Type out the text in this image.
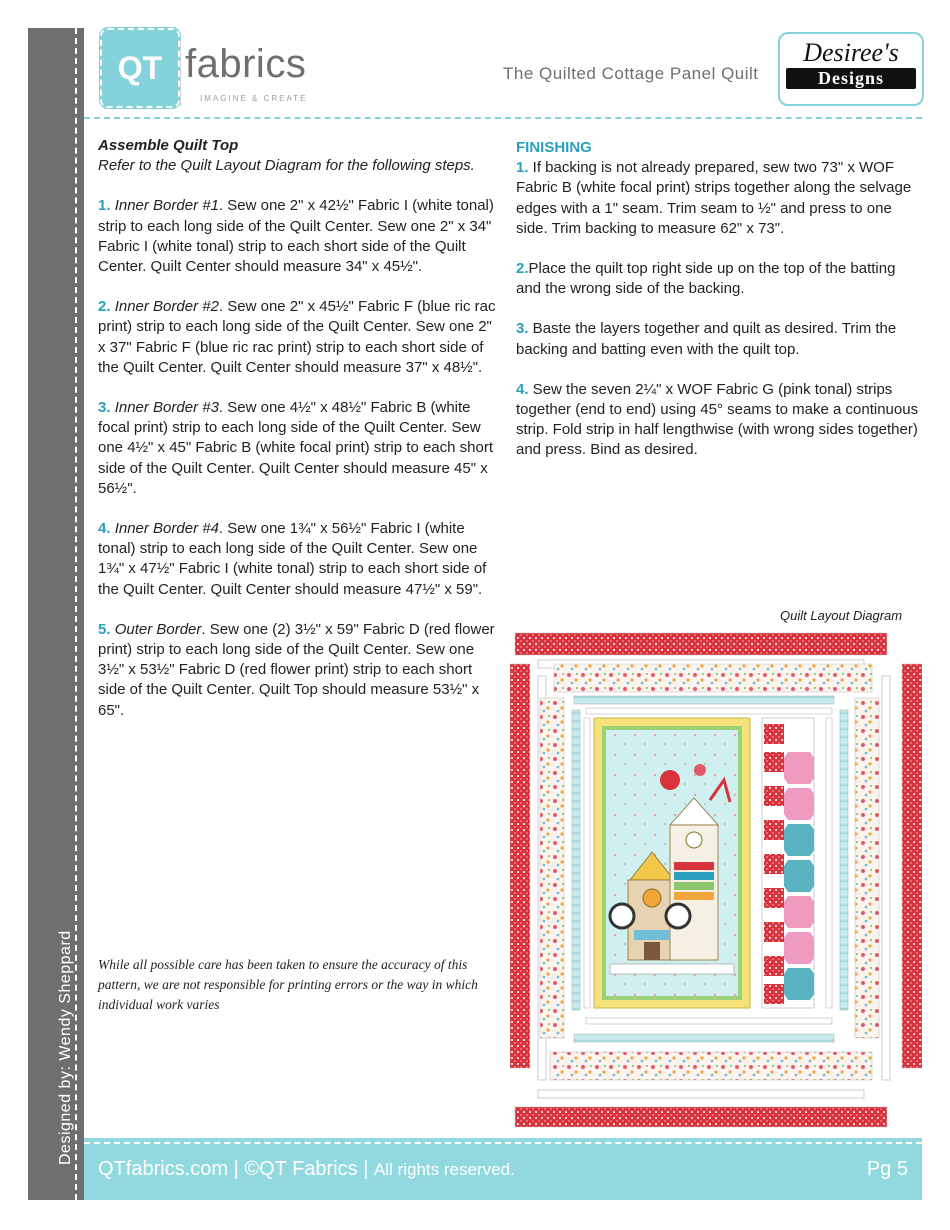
Designed by: Wendy Sheppard
QT fabrics
IMAGINE & CREATE
The Quilted Cottage Panel Quilt
Desiree's
Designs
Assemble Quilt Top
Refer to the Quilt Layout Diagram for the following steps.
1. Inner Border #1. Sew one 2" x 42½" Fabric I (white tonal) strip to each long side of the Quilt Center. Sew one 2" x 34" Fabric I (white tonal) strip to each short side of the Quilt Center. Quilt Center should measure 34" x 45½".
2. Inner Border #2. Sew one 2" x 45½" Fabric F (blue ric rac print) strip to each long side of the Quilt Center. Sew one 2" x 37" Fabric F (blue ric rac print) strip to each short side of the Quilt Center. Quilt Center should measure 37" x 48½".
3. Inner Border #3. Sew one 4½" x 48½" Fabric B (white focal print) strip to each long side of the Quilt Center. Sew one 4½" x 45" Fabric B (white focal print) strip to each short side of the Quilt Center. Quilt Center should measure 45" x 56½".
4. Inner Border #4. Sew one 1¾" x 56½" Fabric I (white tonal) strip to each long side of the Quilt Center. Sew one 1¾" x 47½" Fabric I (white tonal) strip to each short side of the Quilt Center. Quilt Center should measure 47½" x 59".
5. Outer Border. Sew one (2) 3½" x 59" Fabric D (red flower print) strip to each long side of the Quilt Center. Sew one 3½" x 53½" Fabric D (red flower print) strip to each short side of the Quilt Center. Quilt Top should measure 53½" x 65".
While all possible care has been taken to ensure the accuracy of this pattern, we are not responsible for printing errors or the way in which individual work varies
FINISHING
1. If backing is not already prepared, sew two 73" x WOF Fabric B (white focal print) strips together along the selvage edges with a 1" seam. Trim seam to ½" and press to one side. Trim backing to measure 62" x 73".
2.Place the quilt top right side up on the top of the batting and the wrong side of the backing.
3. Baste the layers together and quilt as desired. Trim the backing and batting even with the quilt top.
4. Sew the seven 2¼" x WOF Fabric G (pink tonal) strips together (end to end) using 45° seams to make a continuous strip. Fold strip in half lengthwise (with wrong sides together) and press. Bind as desired.
Quilt Layout Diagram
QTfabrics.com | ©QT Fabrics | All rights reserved.	Pg 5
